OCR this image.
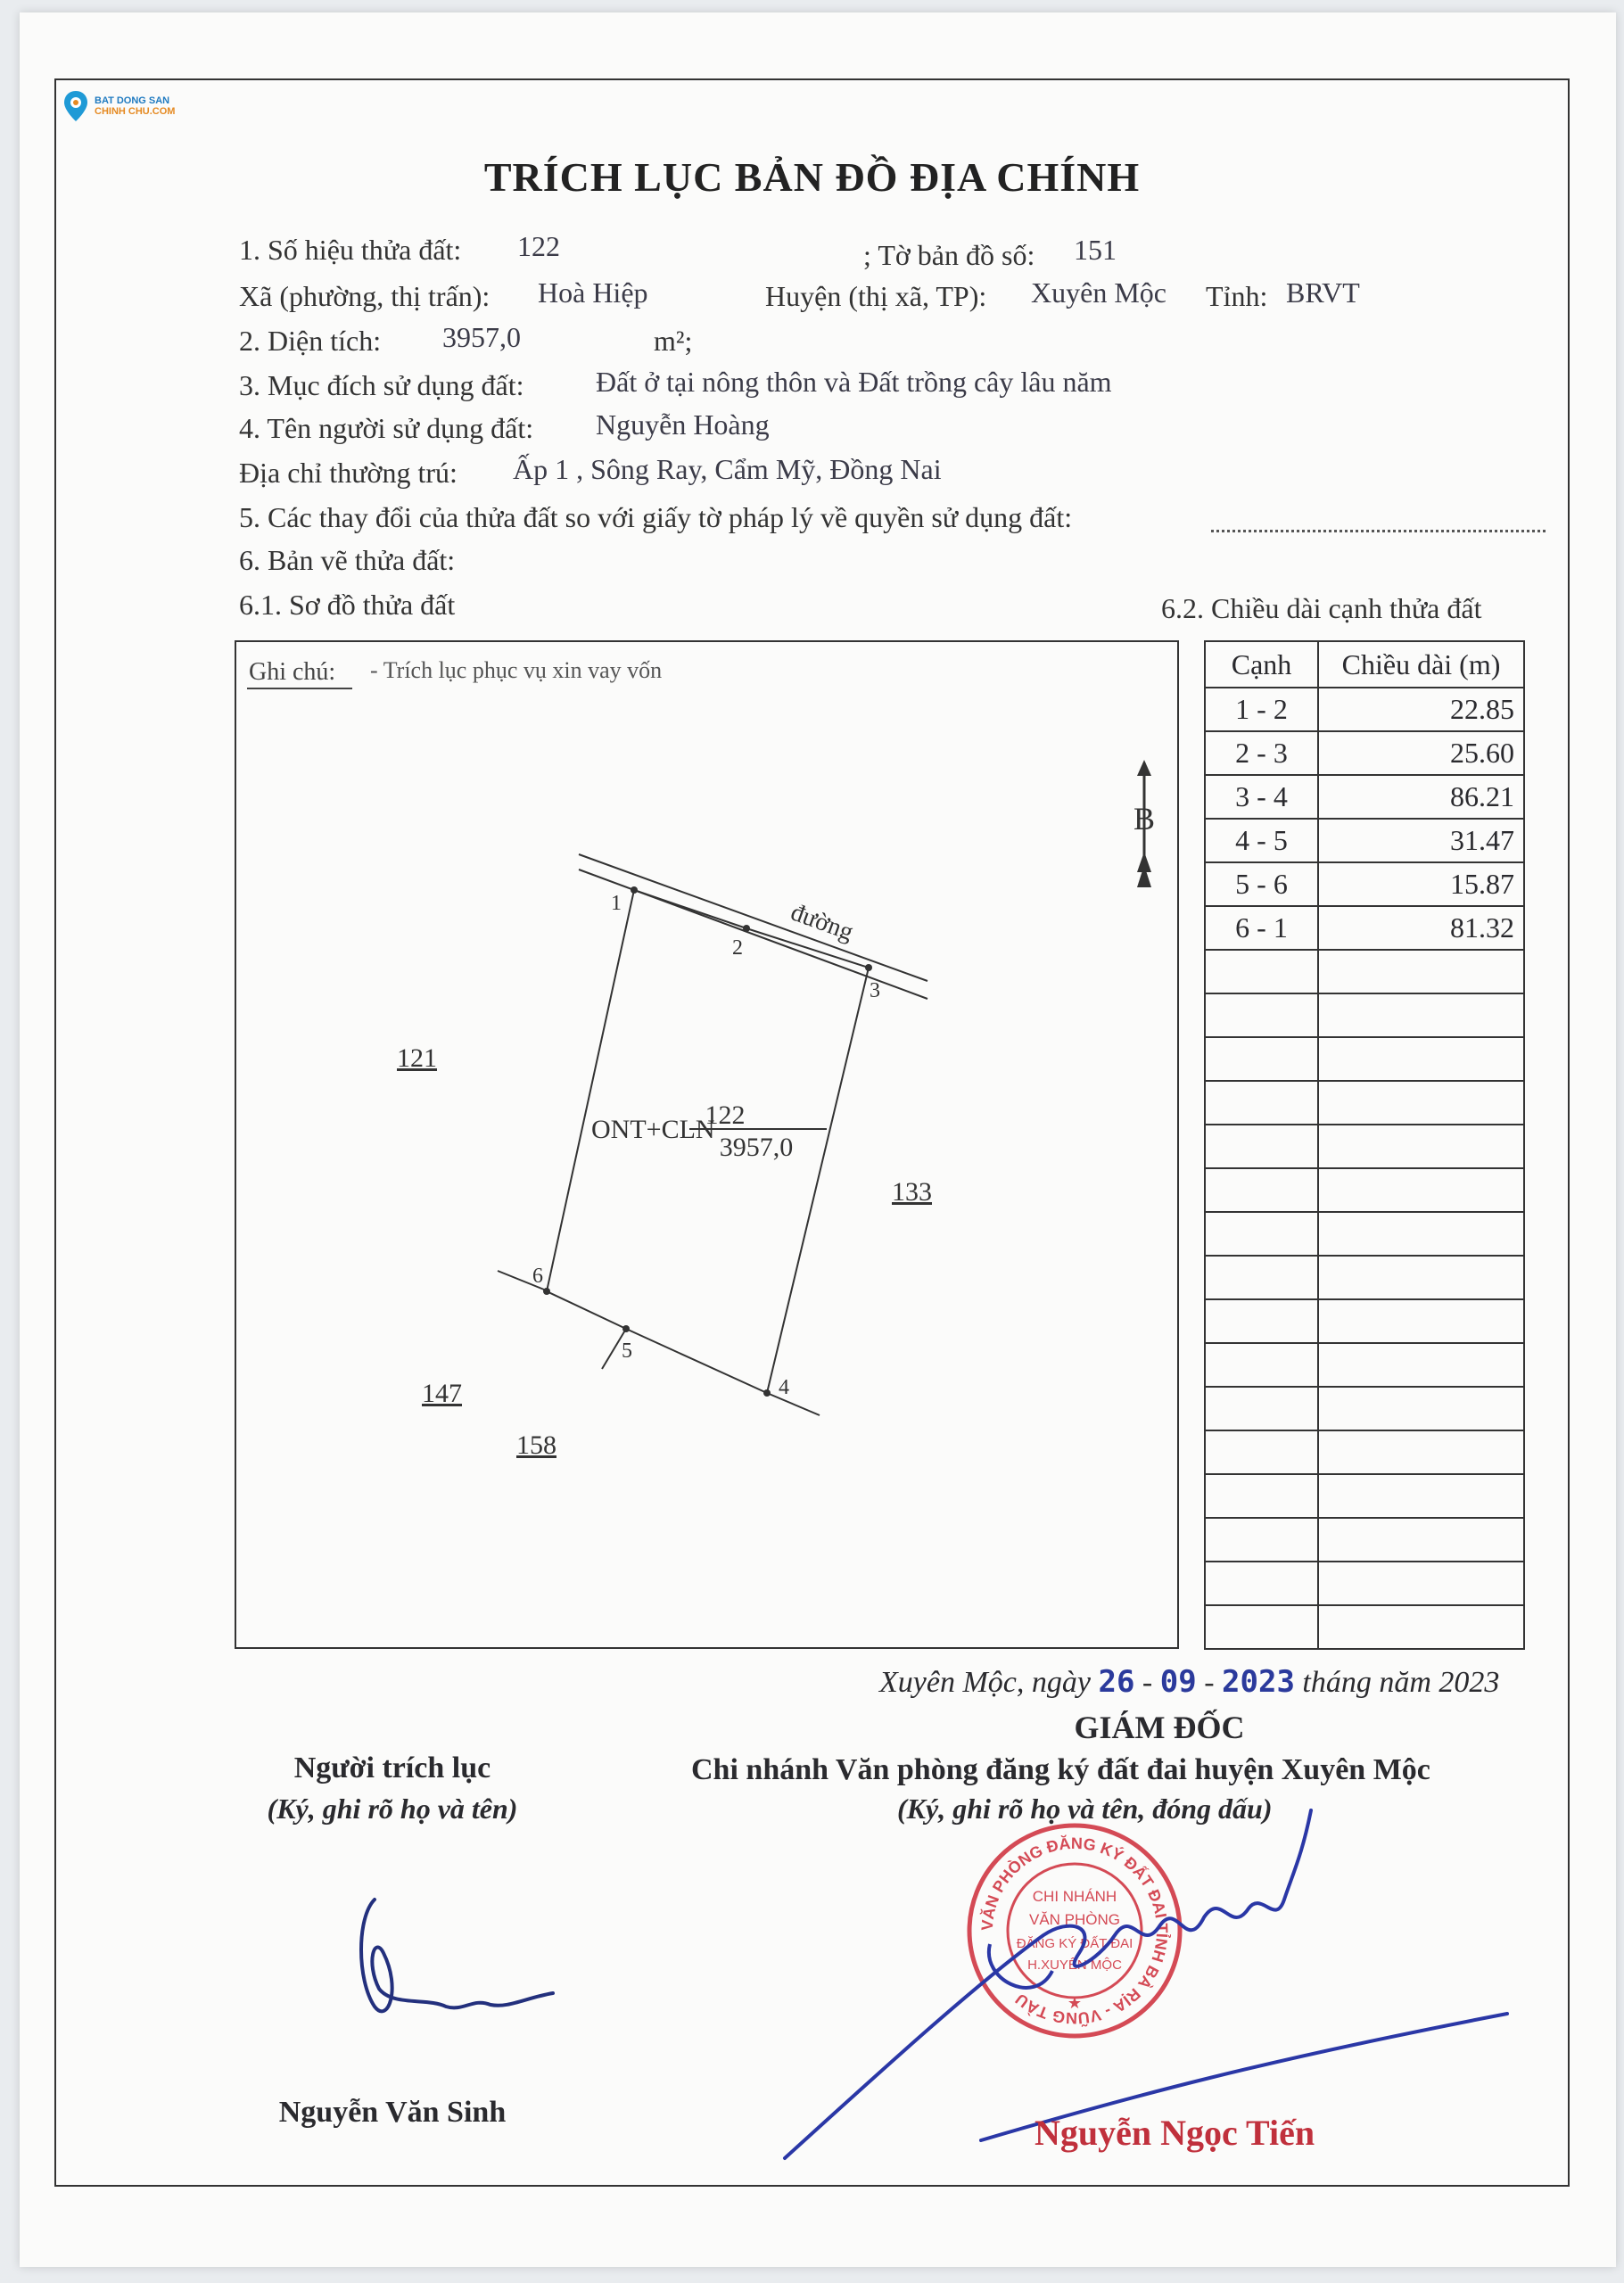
BAT DONG SAN
CHINH CHU.COM
TRÍCH LỤC BẢN ĐỒ ĐỊA CHÍNH
1. Số hiệu thửa đất: 122	; Tờ bản đồ số: 151
Xã (phường, thị trấn): Hoà Hiệp	Huyện (thị xã, TP): Xuyên Mộc Tỉnh: BRVT
2. Diện tích: 3957,0	m²;
3. Mục đích sử dụng đất:	Đất ở tại nông thôn và Đất trồng cây lâu năm
4. Tên người sử dụng đất: Nguyễn Hoàng
Địa chỉ thường trú: Ấp 1 , Sông Ray, Cẩm Mỹ, Đồng Nai
5. Các thay đổi của thửa đất so với giấy tờ pháp lý về quyền sử dụng đất:
6. Bản vẽ thửa đất:
6.1. Sơ đồ thửa đất	6.2. Chiều dài cạnh thửa đất
Ghi chú: - Trích lục phục vụ xin vay vốn
đường
1
2
3
4
5
6
ONT+CLN
122
3957,0
121
133
147
158
B
Cạnh	Chiều dài (m)
1 - 2	22.85
2 - 3	25.60
3 - 4	86.21
4 - 5	31.47
5 - 6	15.87
6 - 1	81.32

Xuyên Mộc, ngày 26 - 09 - 2023 tháng năm 2023
GIÁM ĐỐC
Chi nhánh Văn phòng đăng ký đất đai huyện Xuyên Mộc
(Ký, ghi rõ họ và tên, đóng dấu)
Người trích lục
(Ký, ghi rõ họ và tên)
Nguyễn Văn Sinh
VĂN PHÒNG ĐĂNG KÝ ĐẤT ĐAI TỈNH BÀ RỊA - VŨNG TÀU
CHI NHÁNH
VĂN PHÒNG
ĐĂNG KÝ ĐẤT ĐAI
H.XUYÊN MỘC
★
Nguyễn Ngọc Tiến
